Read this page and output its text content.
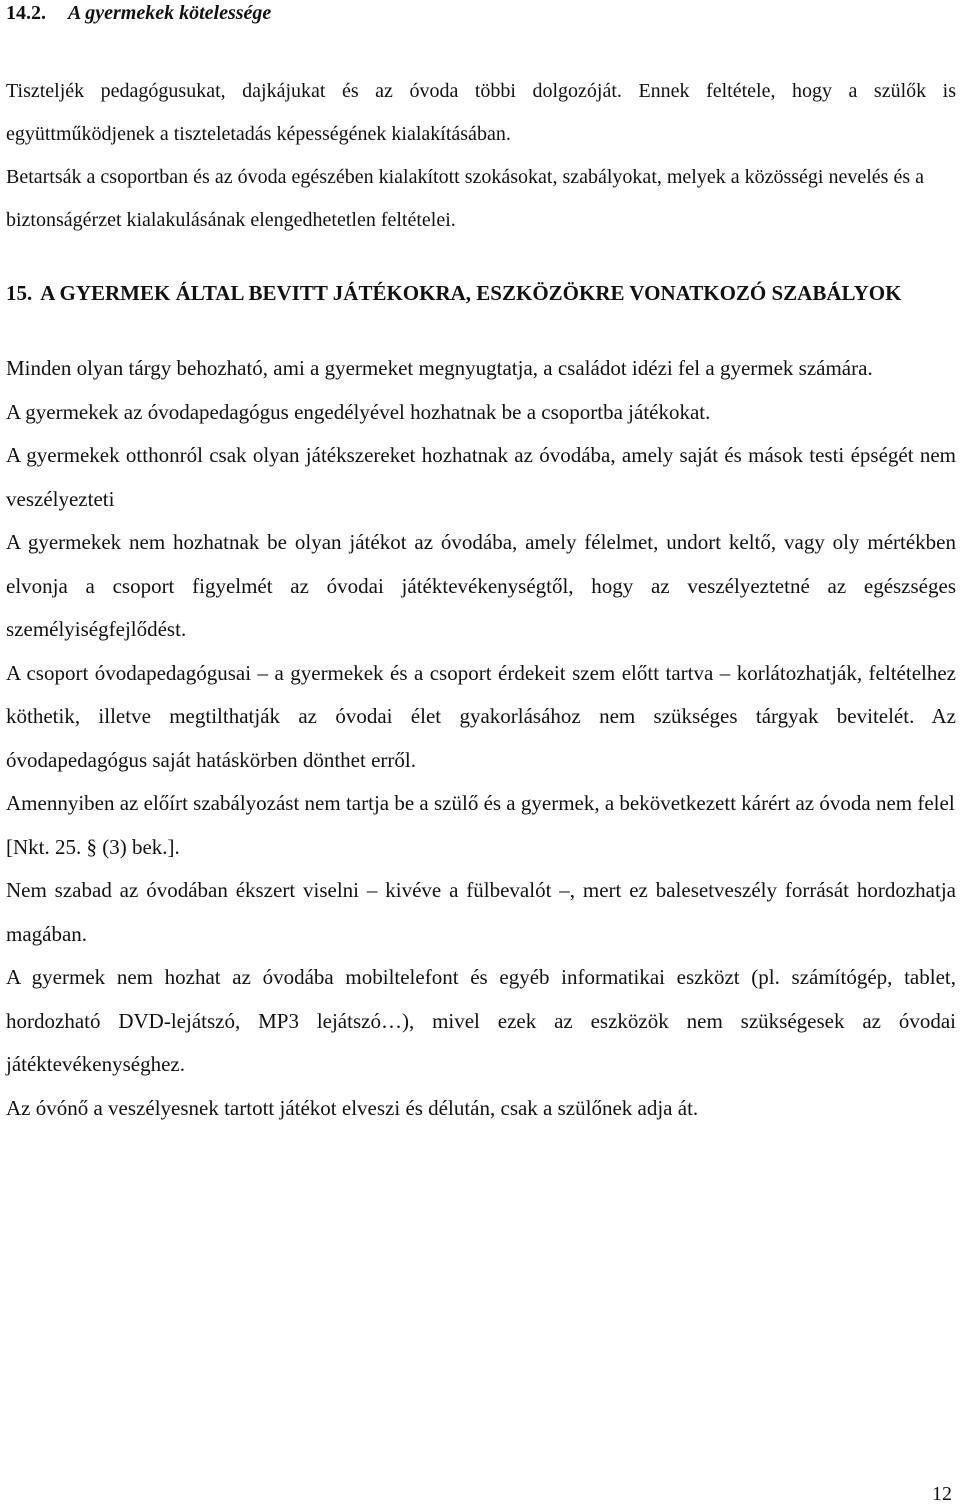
14.2. A gyermekek kötelessége

Tiszteljék pedagógusukat, dajkájukat és az óvoda többi dolgozóját. Ennek feltétele, hogy a szülők is együttműködjenek a tiszteletadás képességének kialakításában.

Betartsák a csoportban és az óvoda egészében kialakított szokásokat, szabályokat, melyek a közösségi nevelés és a biztonságérzet kialakulásának elengedhetetlen feltételei.

15. A GYERMEK ÁLTAL BEVITT JÁTÉKOKRA, ESZKÖZÖKRE VONATKOZÓ SZABÁLYOK

Minden olyan tárgy behozható, ami a gyermeket megnyugtatja, a családot idézi fel a gyermek számára.

A gyermekek az óvodapedagógus engedélyével hozhatnak be a csoportba játékokat.

A gyermekek otthonról csak olyan játékszereket hozhatnak az óvodába, amely saját és mások testi épségét nem veszélyezteti

A gyermekek nem hozhatnak be olyan játékot az óvodába, amely félelmet, undort keltő, vagy oly mértékben elvonja a csoport figyelmét az óvodai játéktevékenységtől, hogy az veszélyeztetné az egészséges személyiségfejlődést.

A csoport óvodapedagógusai – a gyermekek és a csoport érdekeit szem előtt tartva – korlátozhatják, feltételhez köthetik, illetve megtilthatják az óvodai élet gyakorlásához nem szükséges tárgyak bevitelét. Az óvodapedagógus saját hatáskörben dönthet erről.

Amennyiben az előírt szabályozást nem tartja be a szülő és a gyermek, a bekövetkezett kárért az óvoda nem felel [Nkt. 25. § (3) bek.].

Nem szabad az óvodában ékszert viselni – kivéve a fülbevalót –, mert ez balesetveszély forrását hordozhatja magában.

A gyermek nem hozhat az óvodába mobiltelefont és egyéb informatikai eszközt (pl. számítógép, tablet, hordozható DVD-lejátszó, MP3 lejátszó…), mivel ezek az eszközök nem szükségesek az óvodai játéktevékenységhez.

Az óvónő a veszélyesnek tartott játékot elveszi és délután, csak a szülőnek adja át.

12
